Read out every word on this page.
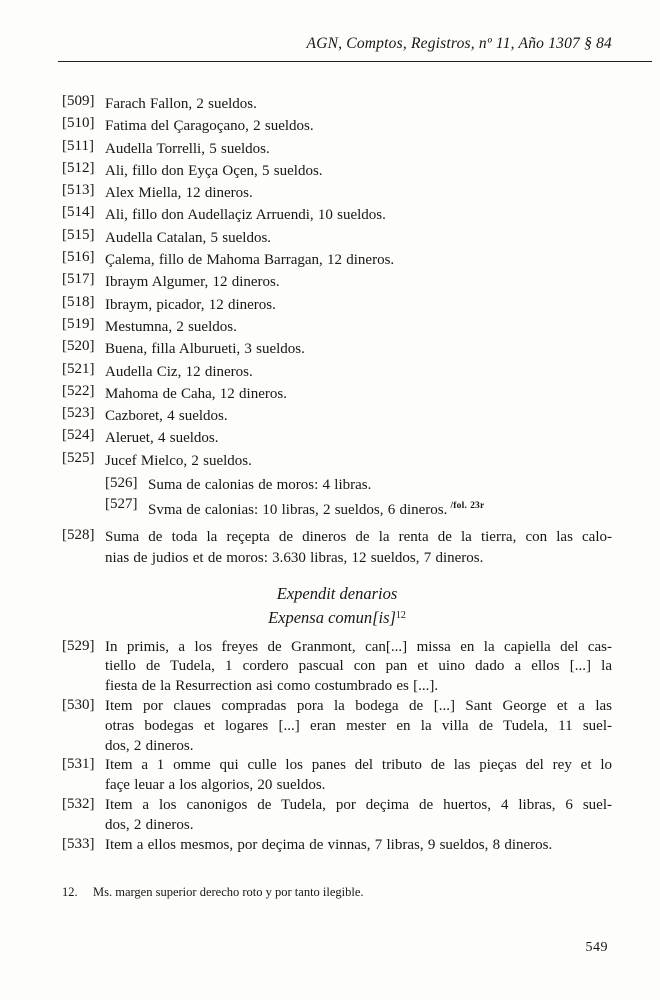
AGN, Comptos, Registros, nº 11, Año 1307 § 84
[509] Farach Fallon, 2 sueldos.
[510] Fatima del Çaragoçano, 2 sueldos.
[511] Audella Torrelli, 5 sueldos.
[512] Ali, fillo don Eyça Oçen, 5 sueldos.
[513] Alex Miella, 12 dineros.
[514] Ali, fillo don Audellaçiz Arruendi, 10 sueldos.
[515] Audella Catalan, 5 sueldos.
[516] Çalema, fillo de Mahoma Barragan, 12 dineros.
[517] Ibraym Algumer, 12 dineros.
[518] Ibraym, picador, 12 dineros.
[519] Mestumna, 2 sueldos.
[520] Buena, filla Alburueti, 3 sueldos.
[521] Audella Ciz, 12 dineros.
[522] Mahoma de Caha, 12 dineros.
[523] Cazboret, 4 sueldos.
[524] Aleruet, 4 sueldos.
[525] Jucef Mielco, 2 sueldos.
[526] Suma de calonias de moros: 4 libras.
[527] Svma de calonias: 10 libras, 2 sueldos, 6 dineros. $^{/fol. 23r}$
[528] Suma de toda la reçepta de dineros de la renta de la tierra, con las calo-
nias de judios et de moros: 3.630 libras, 12 sueldos, 7 dineros.
Expendit denarios
Expensa comun[is]$^{12}$
[529] In primis, a los freyes de Granmont, can[...] missa en la capiella del cas-
tiello de Tudela, 1 cordero pascual con pan et uino dado a ellos [...] la
fiesta de la Resurrection asi como costumbrado es [...].
[530] Item por claues compradas pora la bodega de [...] Sant George et a las
otras bodegas et logares [...] eran mester en la villa de Tudela, 11 suel-
dos, 2 dineros.
[531] Item a 1 omme qui culle los panes del tributo de las pieças del rey et lo
façe leuar a los algorios, 20 sueldos.
[532] Item a los canonigos de Tudela, por deçima de huertos, 4 libras, 6 suel-
dos, 2 dineros.
[533] Item a ellos mesmos, por deçima de vinnas, 7 libras, 9 sueldos, 8 dineros.
12. Ms. margen superior derecho roto y por tanto ilegible.
549
